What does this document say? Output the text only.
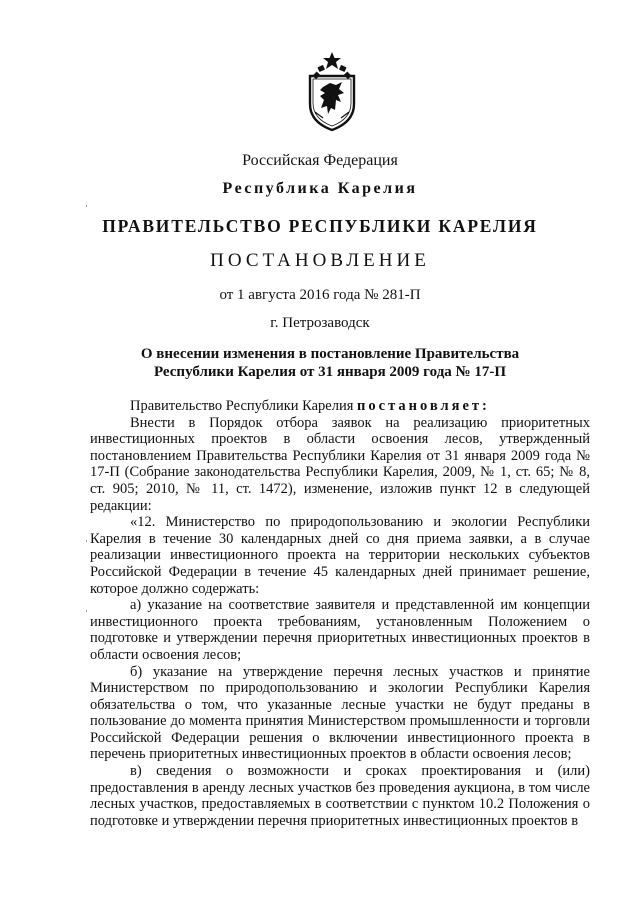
Российская Федерация
Республика Карелия
ПРАВИТЕЛЬСТВО РЕСПУБЛИКИ КАРЕЛИЯ
ПОСТАНОВЛЕНИЕ
от 1 августа 2016 года № 281-П
г. Петрозаводск
О внесении изменения в постановление Правительства
Республики Карелия от 31 января 2009 года № 17-П

Правительство Республики Карелия постановляет:

Внести в Порядок отбора заявок на реализацию приоритетных инвестиционных проектов в области освоения лесов, утвержденный постановлением Правительства Республики Карелия от 31 января 2009 года № 17-П (Собрание законодательства Республики Карелия, 2009, № 1, ст. 65; № 8, ст. 905; 2010, № 11, ст. 1472), изменение, изложив пункт 12 в следующей редакции:

«12. Министерство по природопользованию и экологии Республики Карелия в течение 30 календарных дней со дня приема заявки, а в случае реализации инвестиционного проекта на территории нескольких субъектов Российской Федерации в течение 45 календарных дней принимает решение, которое должно содержать:

а) указание на соответствие заявителя и представленной им концепции инвестиционного проекта требованиям, установленным Положением о подготовке и утверждении перечня приоритетных инвестиционных проектов в области освоения лесов;

б) указание на утверждение перечня лесных участков и принятие Министерством по природопользованию и экологии Республики Карелия обязательства о том, что указанные лесные участки не будут преданы в пользование до момента принятия Министерством промышленности и торговли Российской Федерации решения о включении инвестиционного проекта в перечень приоритетных инвестиционных проектов в области освоения лесов;

в) сведения о возможности и сроках проектирования и (или) предоставления в аренду лесных участков без проведения аукциона, в том числе лесных участков, предоставляемых в соответствии с пунктом 10.2 Положения о подготовке и утверждении перечня приоритетных инвестиционных проектов в
